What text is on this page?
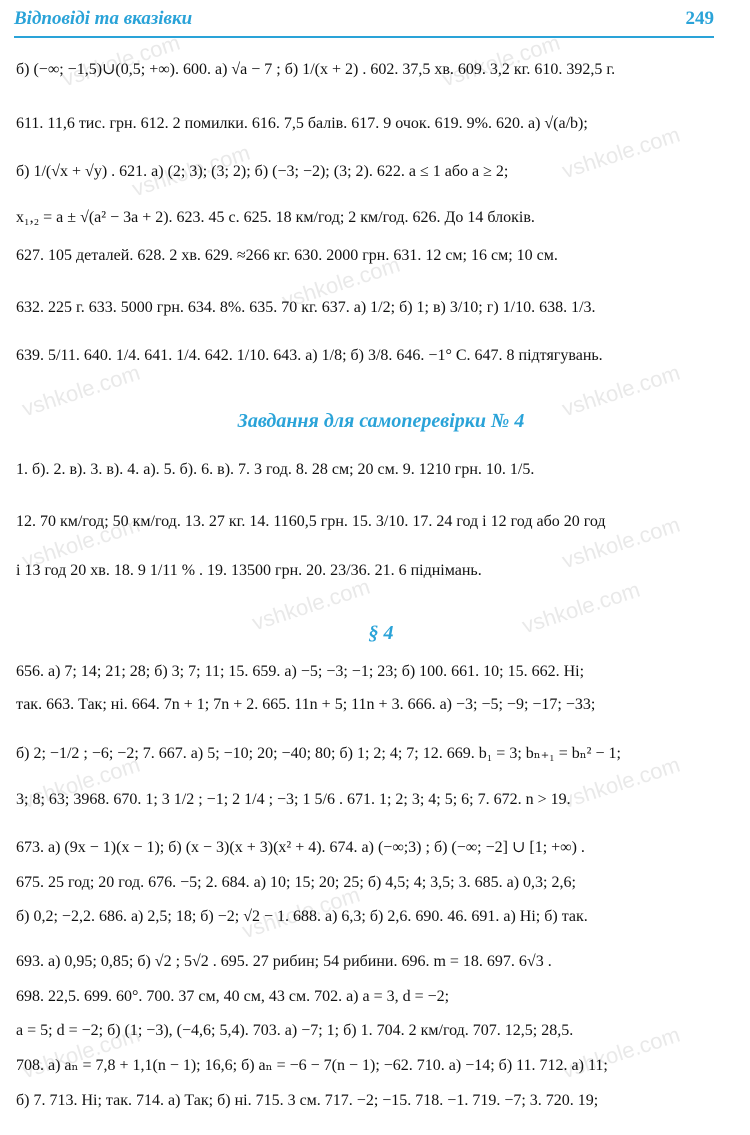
Відповіді та вказівки	249
vshkole.com	vshkole.com
vshkole.com	vshkole.com
vshkole.com
vshkole.com	vshkole.com
vshkole.com	vshkole.com
vshkole.com	vshkole.com
vshkole.com	vshkole.com
vshkole.com
vshkole.com	vshkole.com
б) (−∞; −1,5)∪(0,5; +∞). 600. а) √a − 7 ; б) 1/(x + 2) . 602. 37,5 хв. 609. 3,2 кг. 610. 392,5 г.
611. 11,6 тис. грн. 612. 2 помилки. 616. 7,5 балів. 617. 9 очок. 619. 9%. 620. а) √(a/b);
б) 1/(√x + √y) . 621. а) (2; 3); (3; 2); б) (−3; −2); (3; 2). 622. a ≤ 1 або a ≥ 2;
x₁,₂ = a ± √(a² − 3a + 2). 623. 45 с. 625. 18 км/год; 2 км/год. 626. До 14 блоків.
627. 105 деталей. 628. 2 хв. 629. ≈266 кг. 630. 2000 грн. 631. 12 см; 16 см; 10 см.
632. 225 г. 633. 5000 грн. 634. 8%. 635. 70 кг. 637. а) 1/2; б) 1; в) 3/10; г) 1/10. 638. 1/3.
639. 5/11. 640. 1/4. 641. 1/4. 642. 1/10. 643. а) 1/8; б) 3/8. 646. −1° С. 647. 8 підтягувань.
Завдання для самоперевірки № 4
1. б). 2. в). 3. в). 4. а). 5. б). 6. в). 7. 3 год. 8. 28 см; 20 см. 9. 1210 грн. 10. 1/5.
12. 70 км/год; 50 км/год. 13. 27 кг. 14. 1160,5 грн. 15. 3/10. 17. 24 год і 12 год або 20 год
і 13 год 20 хв. 18. 9 1/11 % . 19. 13500 грн. 20. 23/36. 21. 6 піднімань.
§ 4
656. а) 7; 14; 21; 28; б) 3; 7; 11; 15. 659. а) −5; −3; −1; 23; б) 100. 661. 10; 15. 662. Ні;
так. 663. Так; ні. 664. 7n + 1; 7n + 2. 665. 11n + 5; 11n + 3. 666. а) −3; −5; −9; −17; −33;
б) 2; −1/2 ; −6; −2; 7. 667. а) 5; −10; 20; −40; 80; б) 1; 2; 4; 7; 12. 669. b₁ = 3; bₙ₊₁ = bₙ² − 1;
3; 8; 63; 3968. 670. 1; 3 1/2 ; −1; 2 1/4 ; −3; 1 5/6 . 671. 1; 2; 3; 4; 5; 6; 7. 672. n > 19.
673. а) (9x − 1)(x − 1); б) (x − 3)(x + 3)(x² + 4). 674. а) (−∞;3) ; б) (−∞; −2] ∪ [1; +∞) .
675. 25 год; 20 год. 676. −5; 2. 684. а) 10; 15; 20; 25; б) 4,5; 4; 3,5; 3. 685. а) 0,3; 2,6;
б) 0,2; −2,2. 686. а) 2,5; 18; б) −2; √2 − 1. 688. а) 6,3; б) 2,6. 690. 46. 691. а) Ні; б) так.
693. а) 0,95; 0,85; б) √2 ; 5√2 . 695. 27 рибин; 54 рибини. 696. m = 18. 697. 6√3 .
698. 22,5. 699. 60°. 700. 37 см, 40 см, 43 см. 702. а) a = 3, d = −2;
a = 5; d = −2; б) (1; −3), (−4,6; 5,4). 703. а) −7; 1; б) 1. 704. 2 км/год. 707. 12,5; 28,5.
708. а) aₙ = 7,8 + 1,1(n − 1); 16,6; б) aₙ = −6 − 7(n − 1); −62. 710. а) −14; б) 11. 712. а) 11;
б) 7. 713. Ні; так. 714. а) Так; б) ні. 715. 3 см. 717. −2; −15. 718. −1. 719. −7; 3. 720. 19;
